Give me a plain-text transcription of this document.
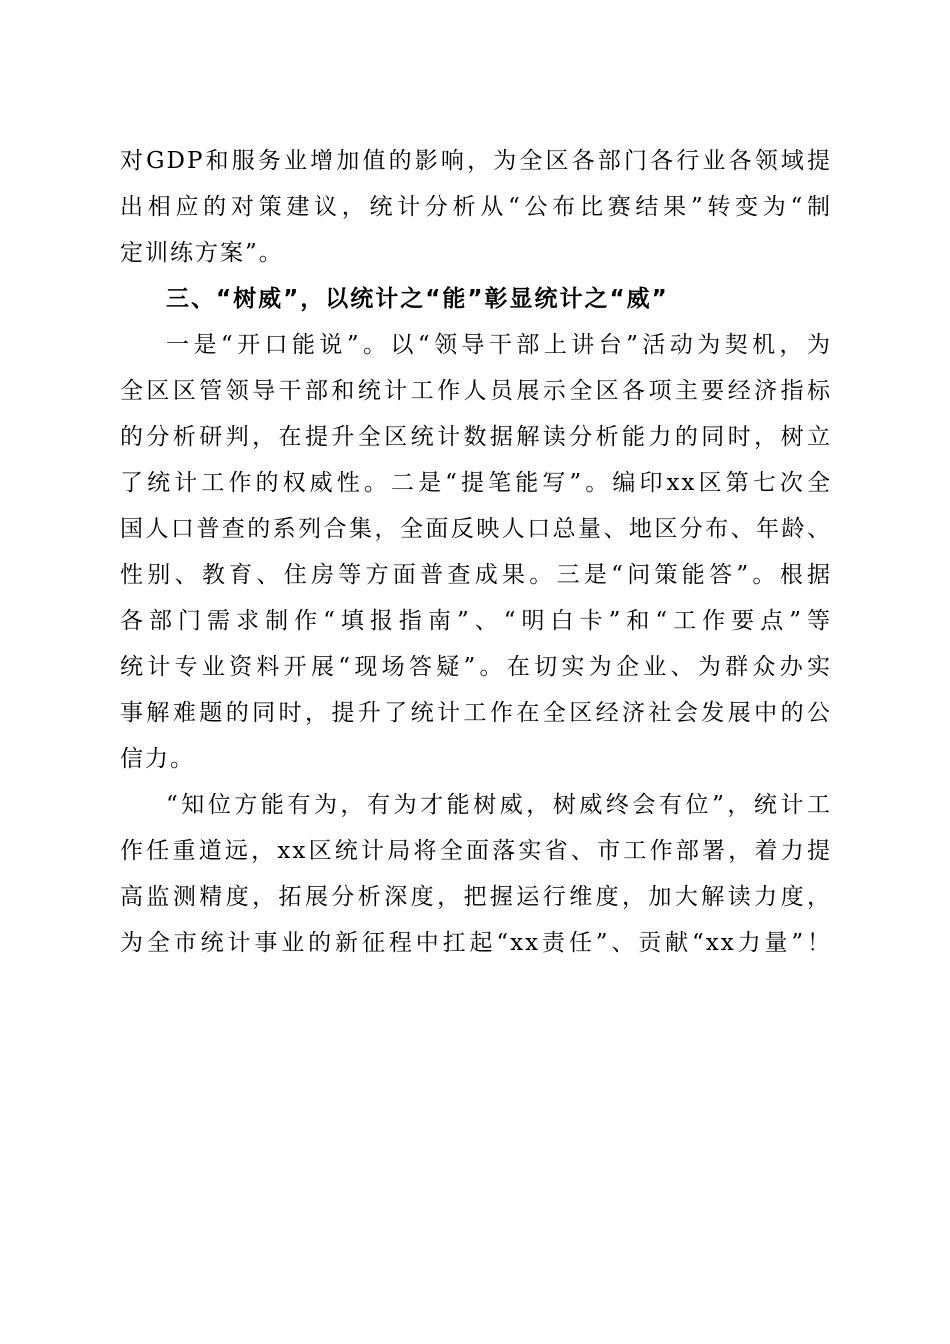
对GDP和服务业增加值的影响，为全区各部门各行业各领域提
出相应的对策建议，统计分析从“公布比赛结果”转变为“制
定训练方案”。
三、“树威”，以统计之“能”彰显统计之“威”
一是“开口能说”。以“领导干部上讲台”活动为契机，为
全区区管领导干部和统计工作人员展示全区各项主要经济指标
的分析研判，在提升全区统计数据解读分析能力的同时，树立
了统计工作的权威性。二是“提笔能写”。编印xx区第七次全
国人口普查的系列合集，全面反映人口总量、地区分布、年龄、
性别、教育、住房等方面普查成果。三是“问策能答”。根据
各部门需求制作“填报指南”、“明白卡”和“工作要点”等
统计专业资料开展“现场答疑”。在切实为企业、为群众办实
事解难题的同时，提升了统计工作在全区经济社会发展中的公
信力。
“知位方能有为，有为才能树威，树威终会有位”，统计工
作任重道远，xx区统计局将全面落实省、市工作部署，着力提
高监测精度，拓展分析深度，把握运行维度，加大解读力度，
为全市统计事业的新征程中扛起“xx责任”、贡献“xx力量”！
